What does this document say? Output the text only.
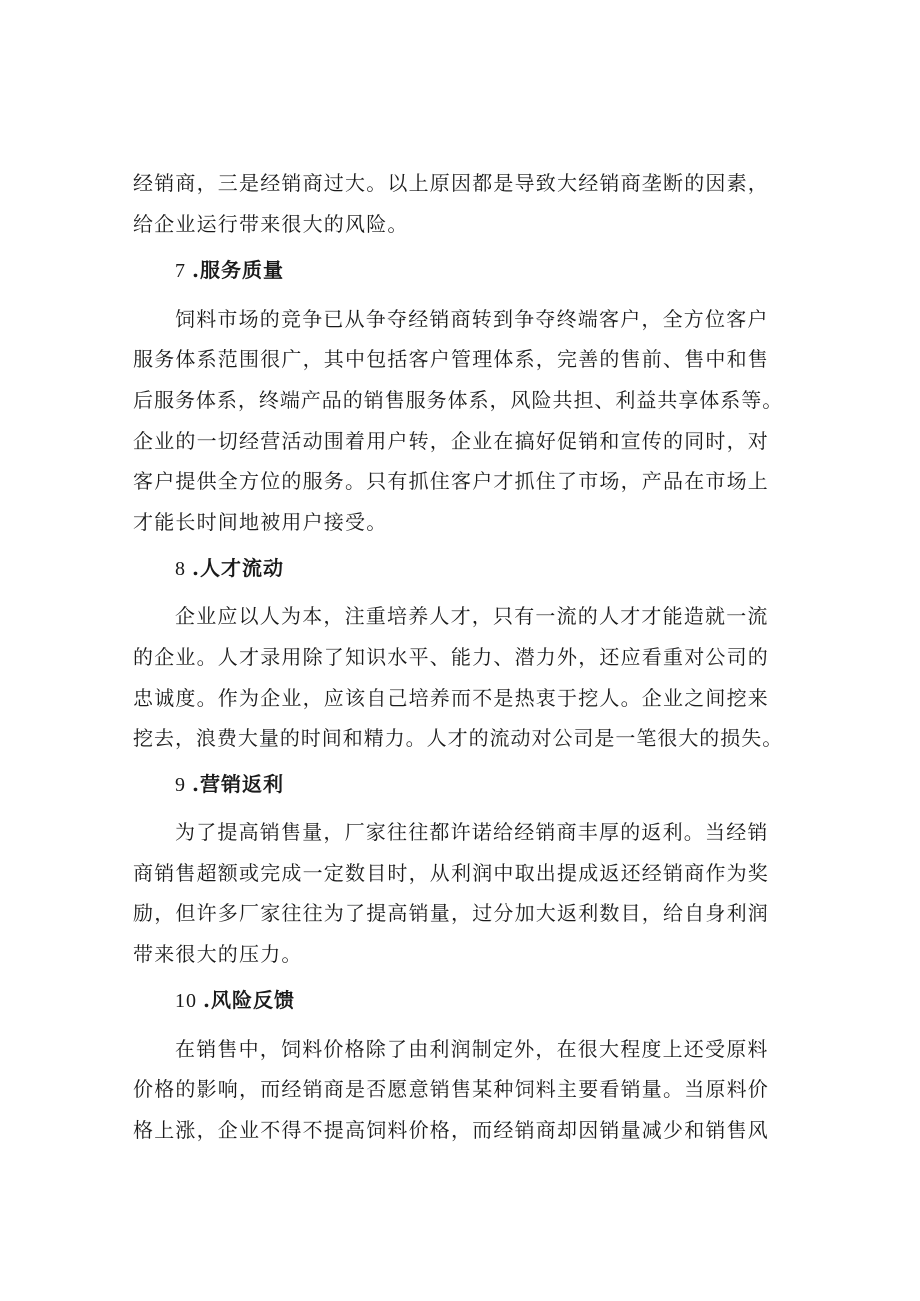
经销商，三是经销商过大。以上原因都是导致大经销商垄断的因素，
给企业运行带来很大的风险。
7 .服务质量
饲料市场的竞争已从争夺经销商转到争夺终端客户，全方位客户
服务体系范围很广，其中包括客户管理体系，完善的售前、售中和售
后服务体系，终端产品的销售服务体系，风险共担、利益共享体系等。
企业的一切经营活动围着用户转，企业在搞好促销和宣传的同时，对
客户提供全方位的服务。只有抓住客户才抓住了市场，产品在市场上
才能长时间地被用户接受。
8 .人才流动
企业应以人为本，注重培养人才，只有一流的人才才能造就一流
的企业。人才录用除了知识水平、能力、潜力外，还应看重对公司的
忠诚度。作为企业，应该自己培养而不是热衷于挖人。企业之间挖来
挖去，浪费大量的时间和精力。人才的流动对公司是一笔很大的损失。
9 .营销返利
为了提高销售量，厂家往往都许诺给经销商丰厚的返利。当经销
商销售超额或完成一定数目时，从利润中取出提成返还经销商作为奖
励，但许多厂家往往为了提高销量，过分加大返利数目，给自身利润
带来很大的压力。
10 .风险反馈
在销售中，饲料价格除了由利润制定外，在很大程度上还受原料
价格的影响，而经销商是否愿意销售某种饲料主要看销量。当原料价
格上涨，企业不得不提高饲料价格，而经销商却因销量减少和销售风
